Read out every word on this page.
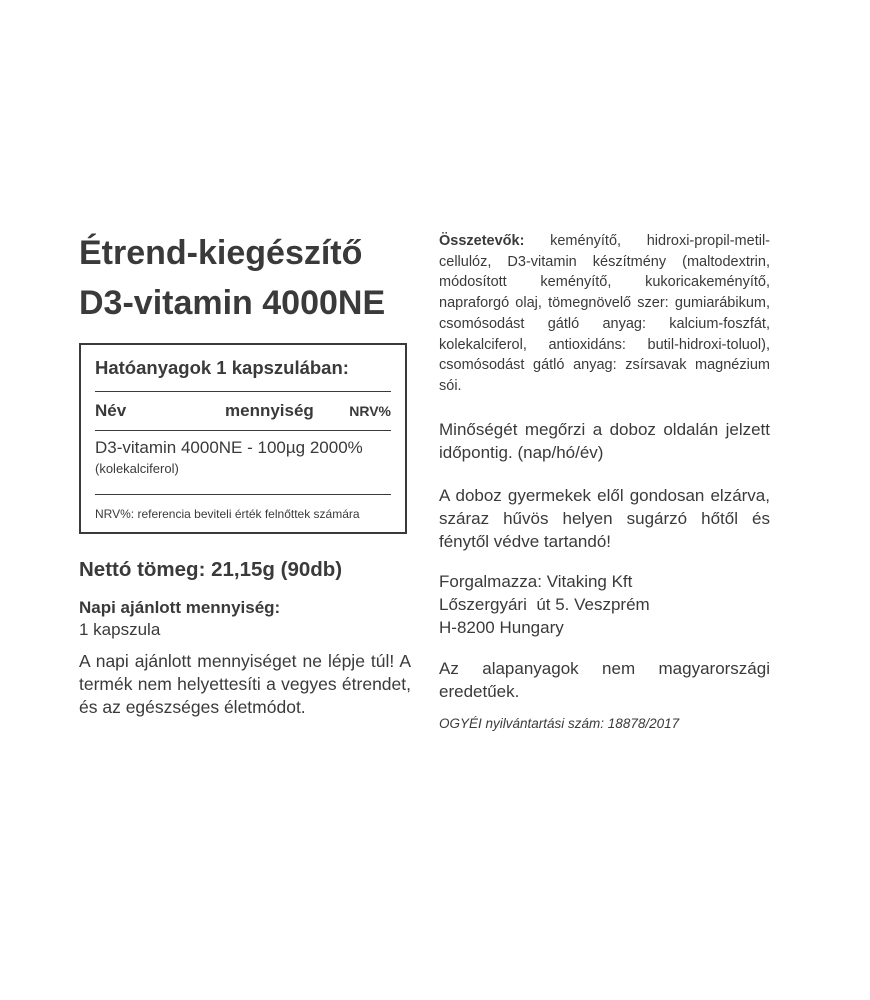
Étrend-kiegészítő
D3-vitamin 4000NE
Hatóanyagok 1 kapszulában:
Név	mennyiség	NRV%
D3-vitamin 4000NE - 100µg 2000%
(kolekalciferol)
NRV%: referencia beviteli érték felnőttek számára
Nettó tömeg: 21,15g (90db)
Napi ajánlott mennyiség:
1 kapszula

A napi ajánlott mennyiséget ne lépje túl! A termék nem helyettesíti a vegyes étrendet, és az egészséges életmódot.

Összetevők: keményítő, hidroxi-propil-metil-cellulóz, D3-vitamin készítmény (maltodextrin, módosított keményítő, kukoricakeményítő, napraforgó olaj, tömegnövelő szer: gumiarábikum, csomósodást gátló anyag: kalcium-foszfát, kolekalciferol, antioxidáns: butil-hidroxi-toluol), csomósodást gátló anyag: zsírsavak magnézium sói.

Minőségét megőrzi a doboz oldalán jelzett időpontig. (nap/hó/év)

A doboz gyermekek elől gondosan elzárva, száraz hűvös helyen sugárzó hőtől és fénytől védve tartandó!

Forgalmazza: Vitaking Kft
Lőszergyári  út 5. Veszprém
H-8200 Hungary

Az alapanyagok nem magyarországi eredetűek.

OGYÉI nyilvántartási szám: 18878/2017
